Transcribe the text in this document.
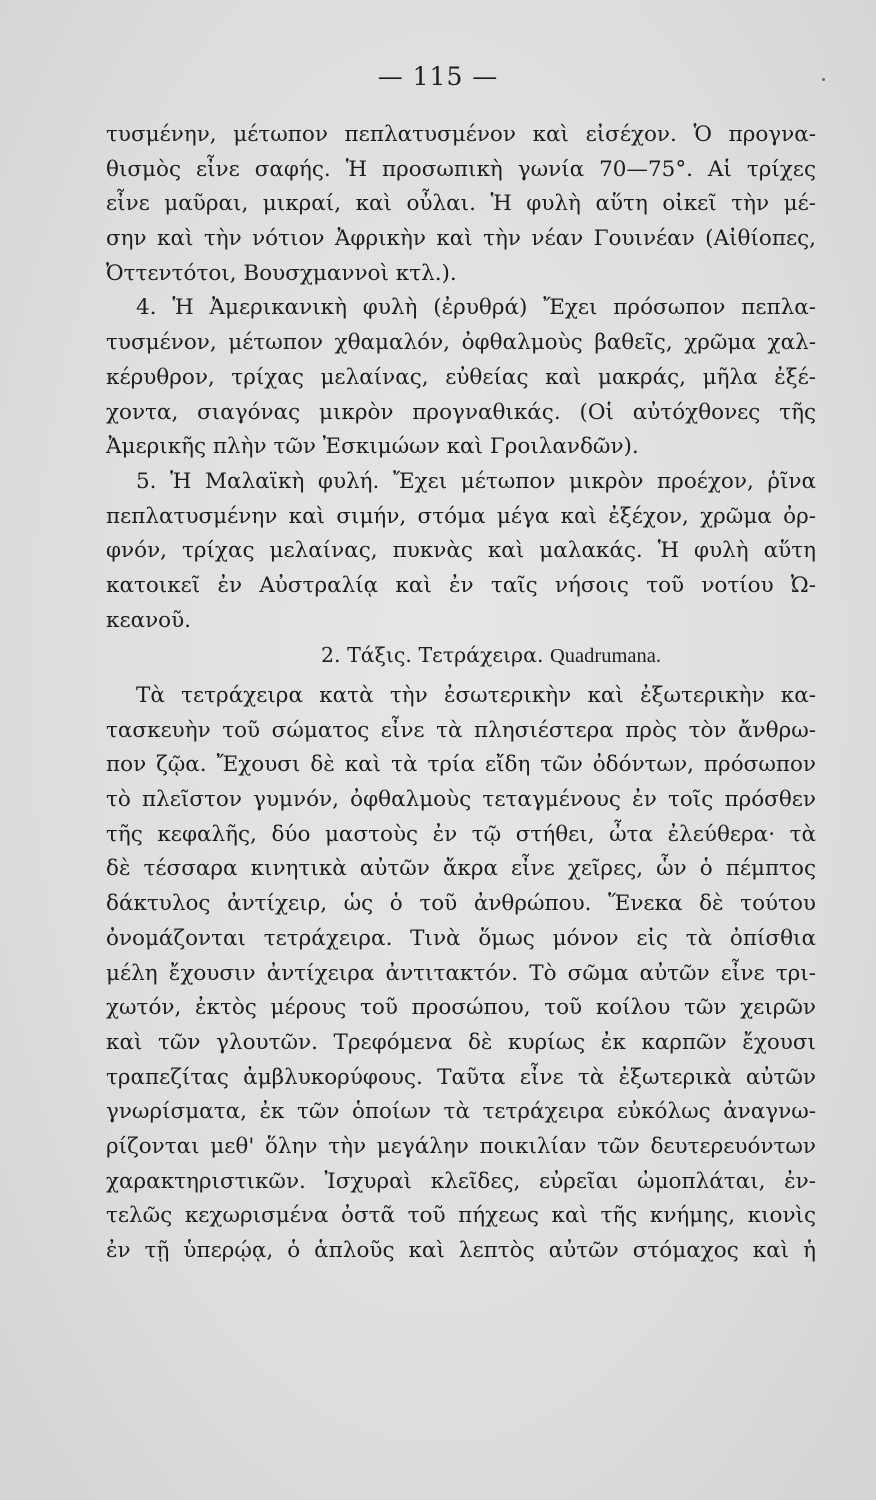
— 115 —
τυσμένην, μέτωπον πεπλατυσμένον καὶ εἰσέχον. Ὁ προγνα-
θισμὸς εἶνε σαφής. Ἡ προσωπικὴ γωνία 70—75°. Αἱ τρίχες
εἶνε μαῦραι, μικραί, καὶ οὖλαι. Ἡ φυλὴ αὕτη οἰκεῖ τὴν μέ-
σην καὶ τὴν νότιον Ἀφρικὴν καὶ τὴν νέαν Γουινέαν (Αἰθίοπες,
Ὀττεντότοι, Βουσχμαννοὶ κτλ.).
4. Ἡ Ἀμερικανικὴ φυλὴ (ἐρυθρά) Ἔχει πρόσωπον πεπλα-
τυσμένον, μέτωπον χθαμαλόν, ὀφθαλμοὺς βαθεῖς, χρῶμα χαλ-
κέρυθρον, τρίχας μελαίνας, εὐθείας καὶ μακράς, μῆλα ἐξέ-
χοντα, σιαγόνας μικρὸν προγναθικάς. (Οἱ αὐτόχθονες τῆς
Ἀμερικῆς πλὴν τῶν Ἐσκιμώων καὶ Γροιλανδῶν).
5. Ἡ Μαλαϊκὴ φυλή. Ἔχει μέτωπον μικρὸν προέχον, ῥῖνα
πεπλατυσμένην καὶ σιμήν, στόμα μέγα καὶ ἐξέχον, χρῶμα ὀρ-
φνόν, τρίχας μελαίνας, πυκνὰς καὶ μαλακάς. Ἡ φυλὴ αὕτη
κατοικεῖ ἐν Αὐστραλίᾳ καὶ ἐν ταῖς νήσοις τοῦ νοτίου Ὠ-
κεανοῦ.
2. Τάξις. Τετράχειρα. Quadrumana.
Τὰ τετράχειρα κατὰ τὴν ἐσωτερικὴν καὶ ἐξωτερικὴν κα-
τασκευὴν τοῦ σώματος εἶνε τὰ πλησιέστερα πρὸς τὸν ἄνθρω-
πον ζῷα. Ἔχουσι δὲ καὶ τὰ τρία εἴδη τῶν ὀδόντων, πρόσωπον
τὸ πλεῖστον γυμνόν, ὀφθαλμοὺς τεταγμένους ἐν τοῖς πρόσθεν
τῆς κεφαλῆς, δύο μαστοὺς ἐν τῷ στήθει, ὦτα ἐλεύθερα· τὰ
δὲ τέσσαρα κινητικὰ αὐτῶν ἄκρα εἶνε χεῖρες, ὧν ὁ πέμπτος
δάκτυλος ἀντίχειρ, ὡς ὁ τοῦ ἀνθρώπου. Ἕνεκα δὲ τούτου
ὀνομάζονται τετράχειρα. Τινὰ ὅμως μόνον εἰς τὰ ὀπίσθια
μέλη ἔχουσιν ἀντίχειρα ἀντιτακτόν. Τὸ σῶμα αὐτῶν εἶνε τρι-
χωτόν, ἐκτὸς μέρους τοῦ προσώπου, τοῦ κοίλου τῶν χειρῶν
καὶ τῶν γλουτῶν. Τρεφόμενα δὲ κυρίως ἐκ καρπῶν ἔχουσι
τραπεζίτας ἀμβλυκορύφους. Ταῦτα εἶνε τὰ ἐξωτερικὰ αὐτῶν
γνωρίσματα, ἐκ τῶν ὁποίων τὰ τετράχειρα εὐκόλως ἀναγνω-
ρίζονται μεθ' ὅλην τὴν μεγάλην ποικιλίαν τῶν δευτερευόντων
χαρακτηριστικῶν. Ἰσχυραὶ κλεῖδες, εὐρεῖαι ὠμοπλάται, ἐν-
τελῶς κεχωρισμένα ὀστᾶ τοῦ πήχεως καὶ τῆς κνήμης, κιονὶς
ἐν τῇ ὑπερῴᾳ, ὁ ἁπλοῦς καὶ λεπτὸς αὐτῶν στόμαχος καὶ ἡ
